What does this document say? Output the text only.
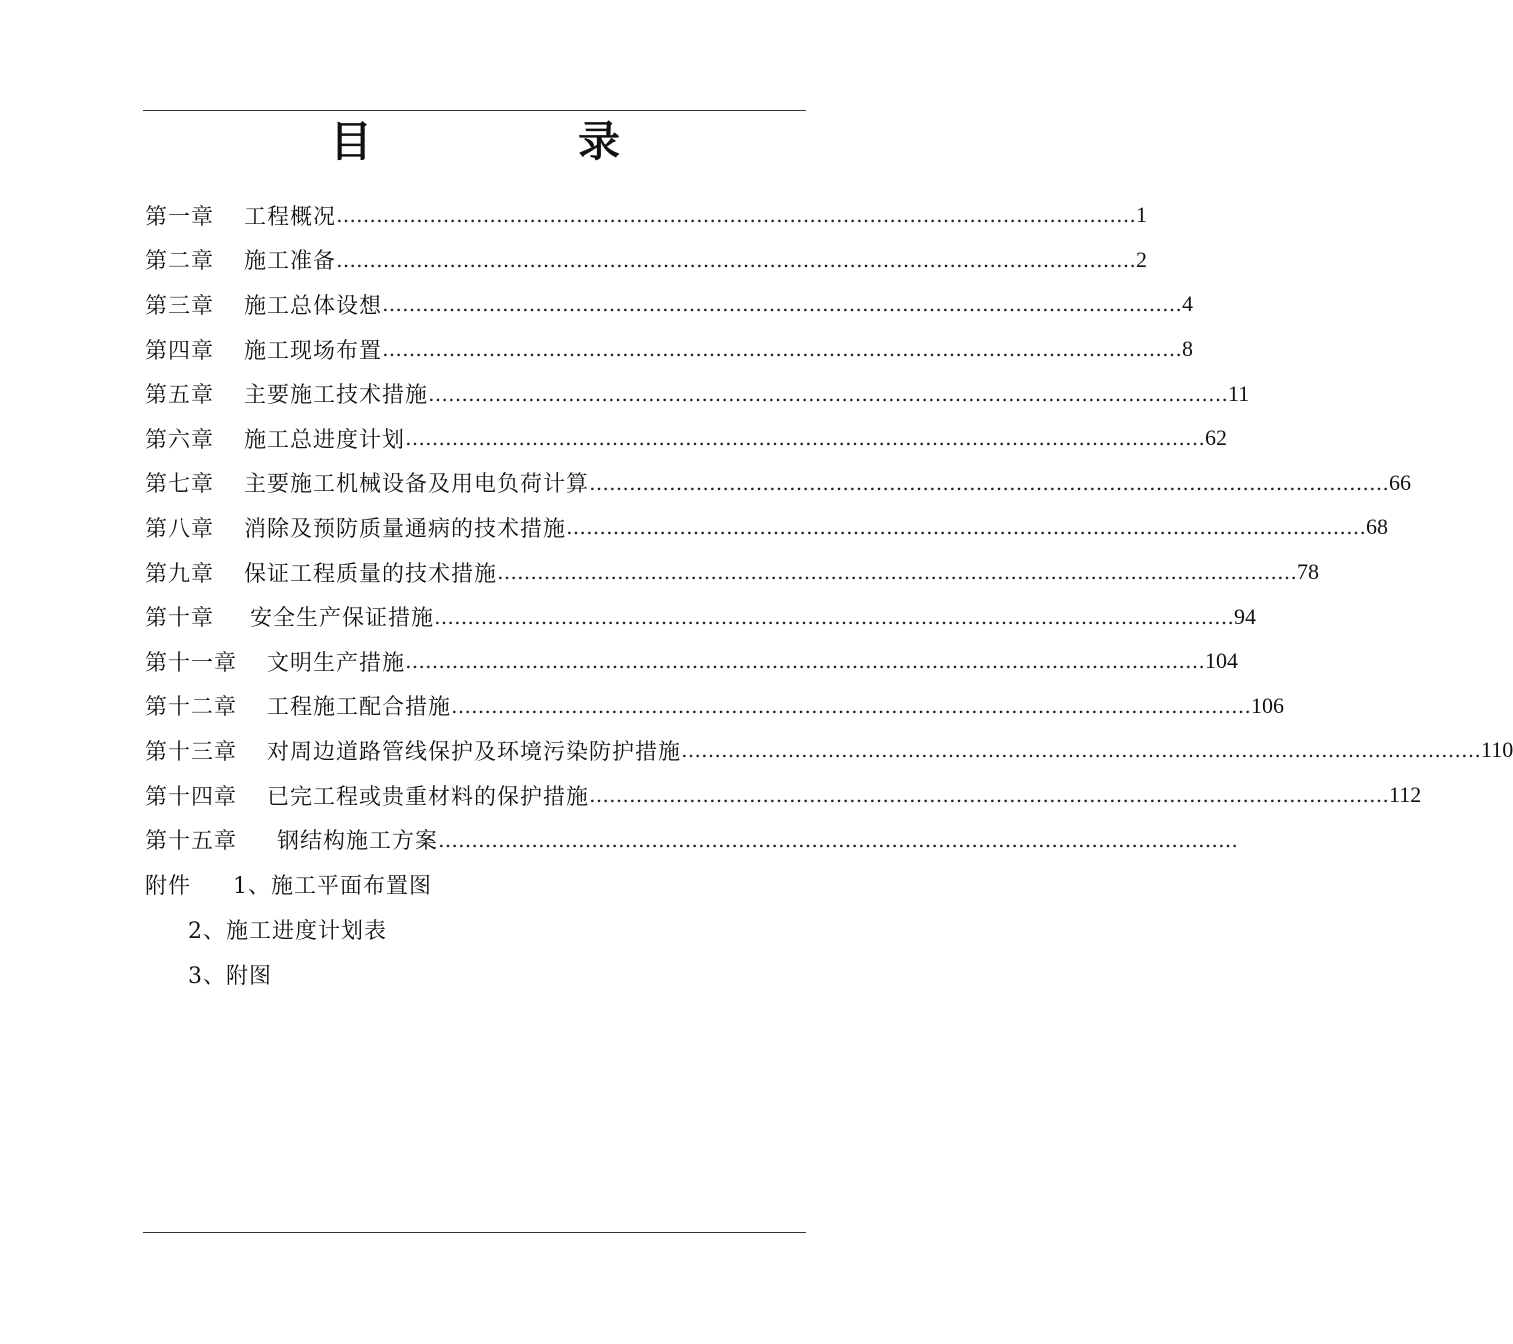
目　录
第一章 工程概况 ………………………………………………………………………………………………………… 1
第二章 施工准备 ………………………………………………………………………………………………………… 2
第三章 施工总体设想 ………………………………………………………………………………………………………… 4
第四章 施工现场布置 ………………………………………………………………………………………………………… 8
第五章 主要施工技术措施 ………………………………………………………………………………………………………… 11
第六章 施工总进度计划 ………………………………………………………………………………………………………… 62
第七章 主要施工机械设备及用电负荷计算 ………………………………………………………………………………………………………… 66
第八章 消除及预防质量通病的技术措施 ………………………………………………………………………………………………………… 68
第九章 保证工程质量的技术措施 ………………………………………………………………………………………………………… 78
第十章 安全生产保证措施 ………………………………………………………………………………………………………… 94
第十一章 文明生产措施 ………………………………………………………………………………………………………… 104
第十二章 工程施工配合措施 ………………………………………………………………………………………………………… 106
第十三章 对周边道路管线保护及环境污染防护措施 ………………………………………………………………………………………………………… 110
第十四章 已完工程或贵重材料的保护措施 ………………………………………………………………………………………………………… 112
第十五章 钢结构施工方案 …………………………………………………………………………………………………………
附件 1、施工平面布置图
2、施工进度计划表
3、附图
